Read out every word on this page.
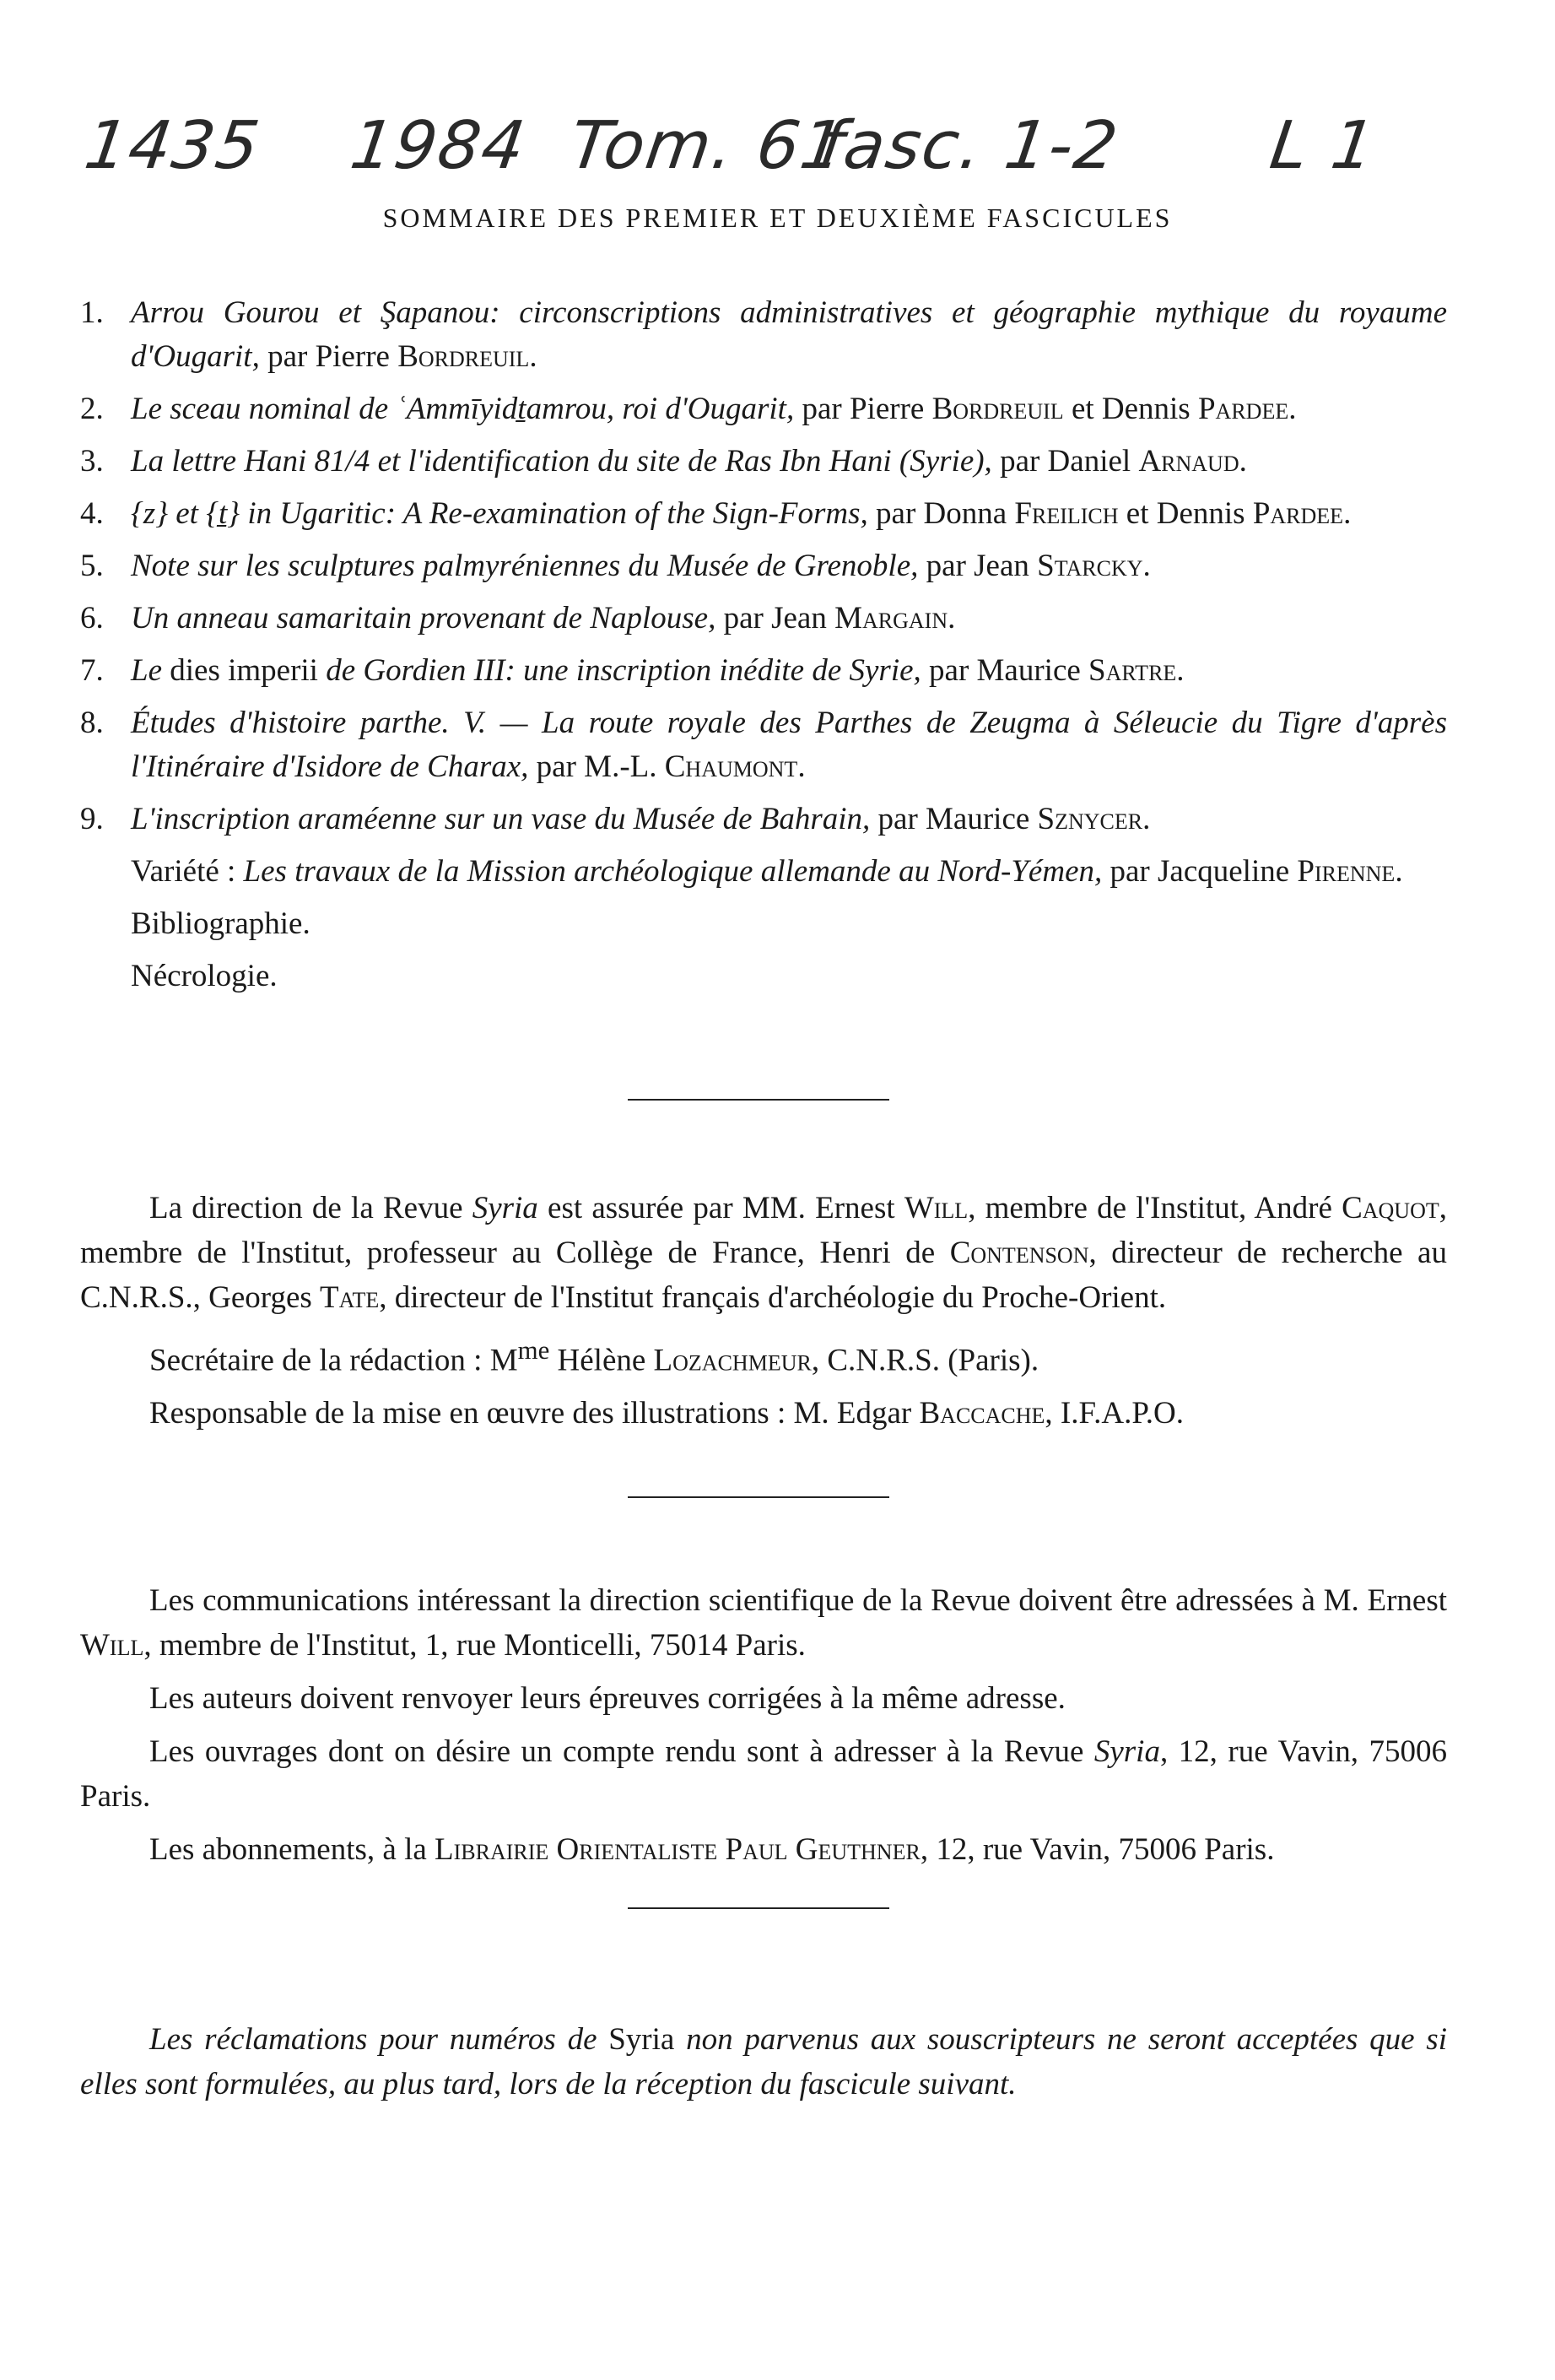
1435 1984 Tom. 61
fasc. 1-2 L 1
SOMMAIRE DES PREMIER ET DEUXIÈME FASCICULES
1. Arrou Gourou et Şapanou: circonscriptions administratives et géographie mythique du royaume d'Ougarit, par Pierre Bordreuil.
2. Le sceau nominal de ʿAmmīyidṯamrou, roi d'Ougarit, par Pierre Bordreuil et Dennis Pardee.
3. La lettre Hani 81/4 et l'identification du site de Ras Ibn Hani (Syrie), par Daniel Arnaud.
4. {z} et {ṯ} in Ugaritic: A Re-examination of the Sign-Forms, par Donna Freilich et Dennis Pardee.
5. Note sur les sculptures palmyréniennes du Musée de Grenoble, par Jean Starcky.
6. Un anneau samaritain provenant de Naplouse, par Jean Margain.
7. Le dies imperii de Gordien III: une inscription inédite de Syrie, par Maurice Sartre.
8. Études d'histoire parthe. V. — La route royale des Parthes de Zeugma à Séleucie du Tigre d'après l'Itinéraire d'Isidore de Charax, par M.-L. Chaumont.
9. L'inscription araméenne sur un vase du Musée de Bahrain, par Maurice Sznycer.
Variété : Les travaux de la Mission archéologique allemande au Nord-Yémen, par Jacqueline Pirenne.
Bibliographie.
Nécrologie.

La direction de la Revue Syria est assurée par MM. Ernest Will, membre de l'Institut, André Caquot, membre de l'Institut, professeur au Collège de France, Henri de Contenson, directeur de recherche au C.N.R.S., Georges Tate, directeur de l'Institut français d'archéologie du Proche-Orient.

Secrétaire de la rédaction : $M^{me}$ Hélène Lozachmeur, C.N.R.S. (Paris).

Responsable de la mise en œuvre des illustrations : M. Edgar Baccache, I.F.A.P.O.

Les communications intéressant la direction scientifique de la Revue doivent être adressées à M. Ernest Will, membre de l'Institut, 1, rue Monticelli, 75014 Paris.

Les auteurs doivent renvoyer leurs épreuves corrigées à la même adresse.

Les ouvrages dont on désire un compte rendu sont à adresser à la Revue Syria, 12, rue Vavin, 75006 Paris.

Les abonnements, à la Librairie Orientaliste Paul Geuthner, 12, rue Vavin, 75006 Paris.

Les réclamations pour numéros de Syria non parvenus aux souscripteurs ne seront acceptées que si elles sont formulées, au plus tard, lors de la réception du fascicule suivant.
